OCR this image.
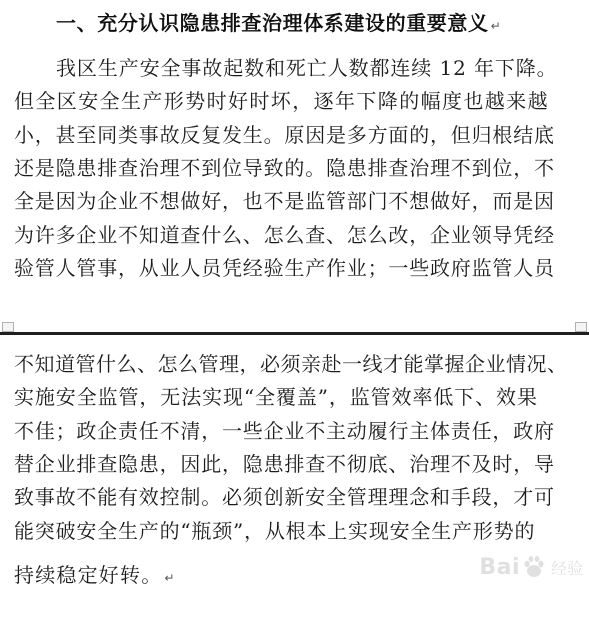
一、充分认识隐患排查治理体系建设的重要意义 ↵
我区生产安全事故起数和死亡人数都连续 12 年下降。
但全区安全生产形势时好时坏，逐年下降的幅度也越来越
小，甚至同类事故反复发生。原因是多方面的，但归根结底
还是隐患排查治理不到位导致的。隐患排查治理不到位，不
全是因为企业不想做好，也不是监管部门不想做好，而是因
为许多企业不知道查什么、怎么查、怎么改，企业领导凭经
验管人管事，从业人员凭经验生产作业；一些政府监管人员
不知道管什么、怎么管理，必须亲赴一线才能掌握企业情况、
实施安全监管，无法实现“全覆盖”，监管效率低下、效果
不佳；政企责任不清，一些企业不主动履行主体责任，政府
替企业排查隐患，因此，隐患排查不彻底、治理不及时，导
致事故不能有效控制。必须创新安全管理理念和手段，才可
能突破安全生产的“瓶颈”，从根本上实现安全生产形势的
持续稳定好转。 ↵	Bai 经验
